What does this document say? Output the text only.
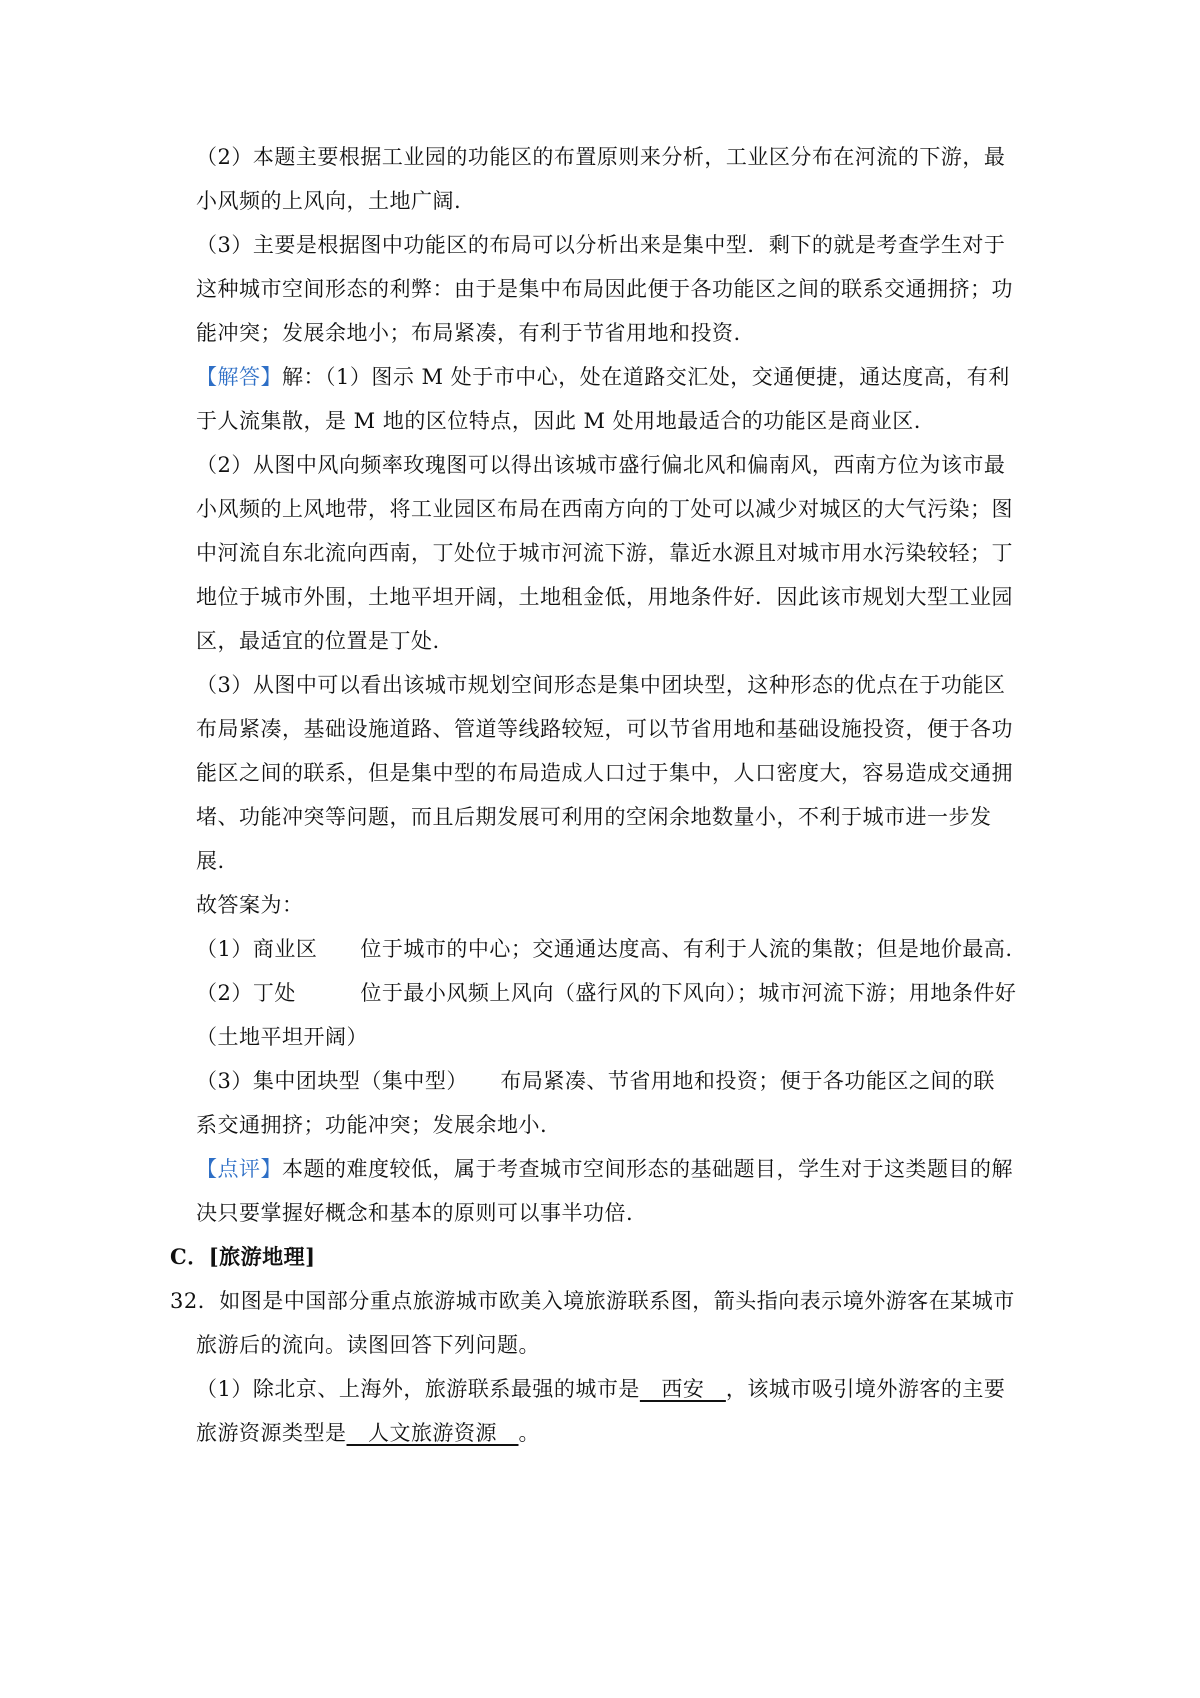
（2）本题主要根据工业园的功能区的布置原则来分析，工业区分布在河流的下游，最
小风频的上风向，土地广阔.
（3）主要是根据图中功能区的布局可以分析出来是集中型．剩下的就是考查学生对于
这种城市空间形态的利弊：由于是集中布局因此便于各功能区之间的联系交通拥挤；功
能冲突；发展余地小；布局紧凑，有利于节省用地和投资.
【解答】解：（1）图示 M 处于市中心，处在道路交汇处，交通便捷，通达度高，有利
于人流集散，是 M 地的区位特点，因此 M 处用地最适合的功能区是商业区.
（2）从图中风向频率玫瑰图可以得出该城市盛行偏北风和偏南风，西南方位为该市最
小风频的上风地带，将工业园区布局在西南方向的丁处可以减少对城区的大气污染；图
中河流自东北流向西南，丁处位于城市河流下游，靠近水源且对城市用水污染较轻；丁
地位于城市外围，土地平坦开阔，土地租金低，用地条件好．因此该市规划大型工业园
区，最适宜的位置是丁处.
（3）从图中可以看出该城市规划空间形态是集中团块型，这种形态的优点在于功能区
布局紧凑，基础设施道路、管道等线路较短，可以节省用地和基础设施投资，便于各功
能区之间的联系，但是集中型的布局造成人口过于集中，人口密度大，容易造成交通拥
堵、功能冲突等问题，而且后期发展可利用的空闲余地数量小，不利于城市进一步发
展.
故答案为：
（1）商业区　　位于城市的中心；交通通达度高、有利于人流的集散；但是地价最高.
（2）丁处　　　位于最小风频上风向（盛行风的下风向）；城市河流下游；用地条件好
（土地平坦开阔）
（3）集中团块型（集中型）　　布局紧凑、节省用地和投资；便于各功能区之间的联
系交通拥挤；功能冲突；发展余地小.
【点评】本题的难度较低，属于考查城市空间形态的基础题目，学生对于这类题目的解
决只要掌握好概念和基本的原则可以事半功倍.
C．[旅游地理]
32．如图是中国部分重点旅游城市欧美入境旅游联系图，箭头指向表示境外游客在某城市
旅游后的流向。读图回答下列问题。
（1）除北京、上海外，旅游联系最强的城市是　西安　，该城市吸引境外游客的主要
旅游资源类型是　人文旅游资源　。
